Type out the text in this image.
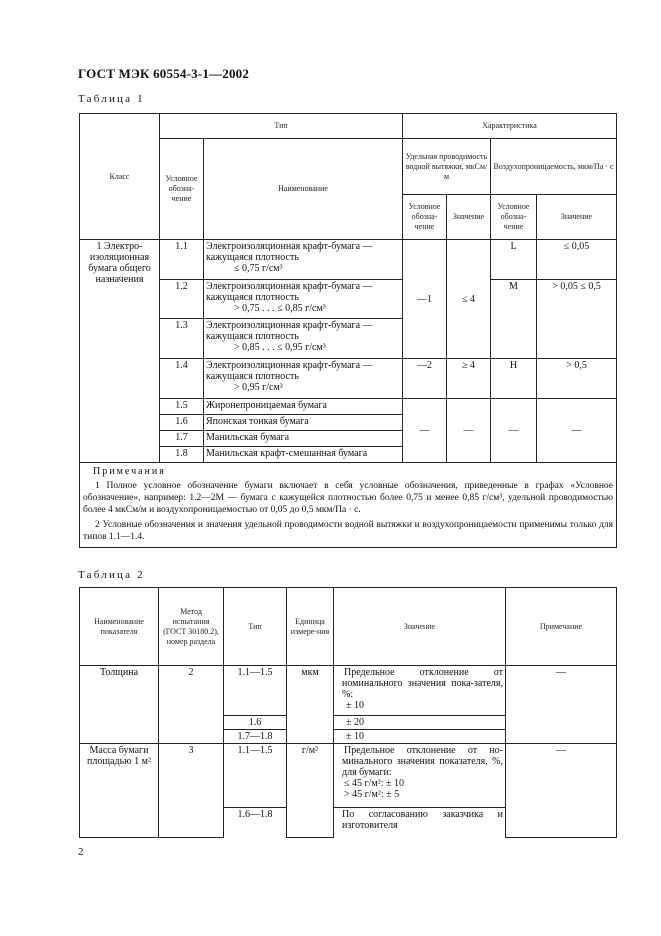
ГОСТ МЭК 60554-3-1—2002
Таблица 1
Класс	Тип		Характеристика			
	Условное обозна-чение	Наименование	Удельная проводимость водной вытяжки, мкСм/м		Воздухопроницаемость, мкм/Па · с	
			Условное обозна-чение	Значение	Условное обозна-чение	Значение
1 Электро-изоляционная бумага общего назначения	1.1	Электроизоляционная крафт-бумага — кажущаяся плотность
≤ 0,75 г/см³	—1	≤ 4	L	≤ 0,05
	1.2	Электроизоляционная крафт-бумага — кажущаяся плотность
> 0,75 . . . ≤ 0,85 г/см³			M	> 0,05 ≤ 0,5
	1.3	Электроизоляционная крафт-бумага — кажущаяся плотность
> 0,85 . . . ≤ 0,95 г/см³				

	1.4	Электроизоляционная крафт-бумага — кажущаяся плотность
> 0,95 г/см³	—2	≥ 4	H	> 0,5
	1.5	Жиронепроницаемая бумага	—	—	—	—
	1.6	Японская тонкая бумага				
	1.7	Манильская бумага				
	1.8	Манильская крафт-смешанная бумага				

Примечания

1 Полное условное обозначение бумаги включает в себя условные обозначения, приведенные в графах «Условное обозначение», например: 1.2—2М — бумага с кажущейся плотностью более 0,75 и менее 0,85 г/см³, удельной проводимостью более 4 мкСм/м и воздухопроницаемостью от 0,05 до 0,5 мкм/Па · с.

2 Условные обозначения и значения удельной проводимости водной вытяжки и воздухопроницаемости применимы только для типов 1.1—1.4.						

Таблица 2
Наименование показателя	Метод испытания (ГОСТ 30180.2), номер раздела	Тип	Единица измере-ния	Значение	Примечание
Толщина	2	1.1—1.5	мкм	Предельное отклонение от номинального значения пока-зателя, %:
± 10	—
		1.6		± 20	
		1.7—1.8		± 10	
Масса бумаги площадью 1 м²	3	1.1—1.5	г/м²	Предельное отклонение от но-минального значения показателя, %, для бумаги:
≤ 45 г/м²: ± 10
> 45 г/м²: ± 5	—
		1.6—1.8		По согласованию заказчика и изготовителя	
2
